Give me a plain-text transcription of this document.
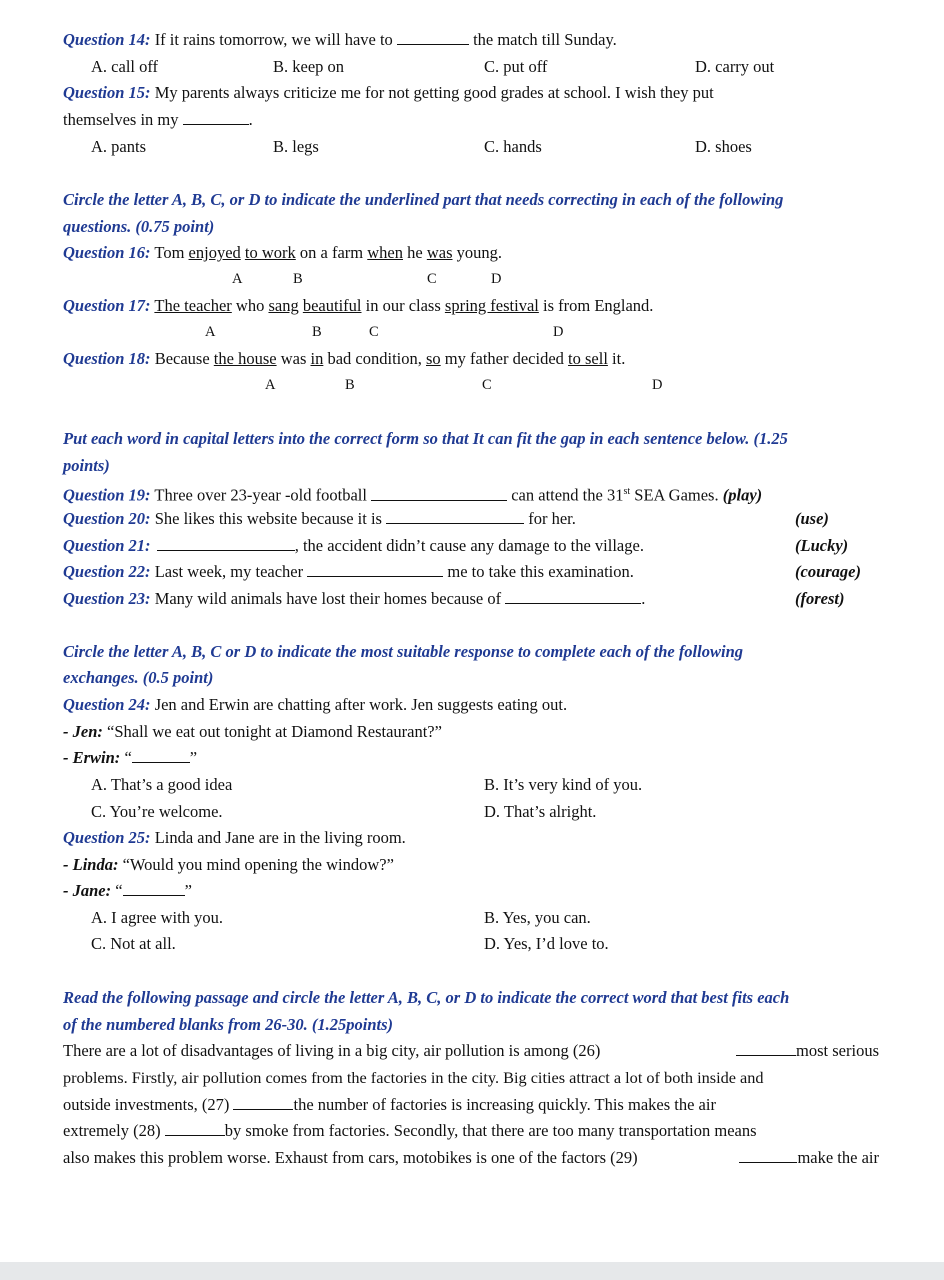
Question 14: If it rains tomorrow, we will have to	the match till Sunday.
A. call off	B. keep on	C. put off	D. carry out
Question 15: My parents always criticize me for not getting good grades at school. I wish they put
themselves in my	.
A. pants	B. legs	C. hands	D. shoes
Circle the letter A, B, C, or D to indicate the underlined part that needs correcting in each of the following
questions. (0.75 point)
Question 16: Tom enjoyed to work on a farm when he was young.
A	B	C	D
Question 17: The teacher who sang beautiful in our class spring festival is from England.
A	B	C	D
Question 18: Because the house was in bad condition, so my father decided to sell it.
A	B	C	D
Put each word in capital letters into the correct form so that It can fit the gap in each sentence below. (1.25
points)
Question 19: Three over 23-year -old football	can attend the 31st SEA Games. (play)
Question 20: She likes this website because it is	for her.	(use)
Question 21:	, the accident didn’t cause any damage to the village.	(Lucky)
Question 22: Last week, my teacher	me to take this examination.	(courage)
Question 23: Many wild animals have lost their homes because of	.	(forest)
Circle the letter A, B, C or D to indicate the most suitable response to complete each of the following
exchanges. (0.5 point)
Question 24: Jen and Erwin are chatting after work. Jen suggests eating out.
- Jen: “Shall we eat out tonight at Diamond Restaurant?”
- Erwin: “	”
A. That’s a good idea	B. It’s very kind of you.
C. You’re welcome.	D. That’s alright.
Question 25: Linda and Jane are in the living room.
- Linda: “Would you mind opening the window?”
- Jane: “	”
A. I agree with you.	B. Yes, you can.
C. Not at all.	D. Yes, I’d love to.
Read the following passage and circle the letter A, B, C, or D to indicate the correct word that best fits each
of the numbered blanks from 26-30. (1.25points)
There are a lot of disadvantages of living in a big city, air pollution is among (26)	most serious
problems. Firstly, air pollution comes from the factories in the city. Big cities attract a lot of both inside and
outside investments, (27)	the number of factories is increasing quickly. This makes the air
extremely (28)	by smoke from factories. Secondly, that there are too many transportation means
also makes this problem worse. Exhaust from cars, motobikes is one of the factors (29)	make the air
